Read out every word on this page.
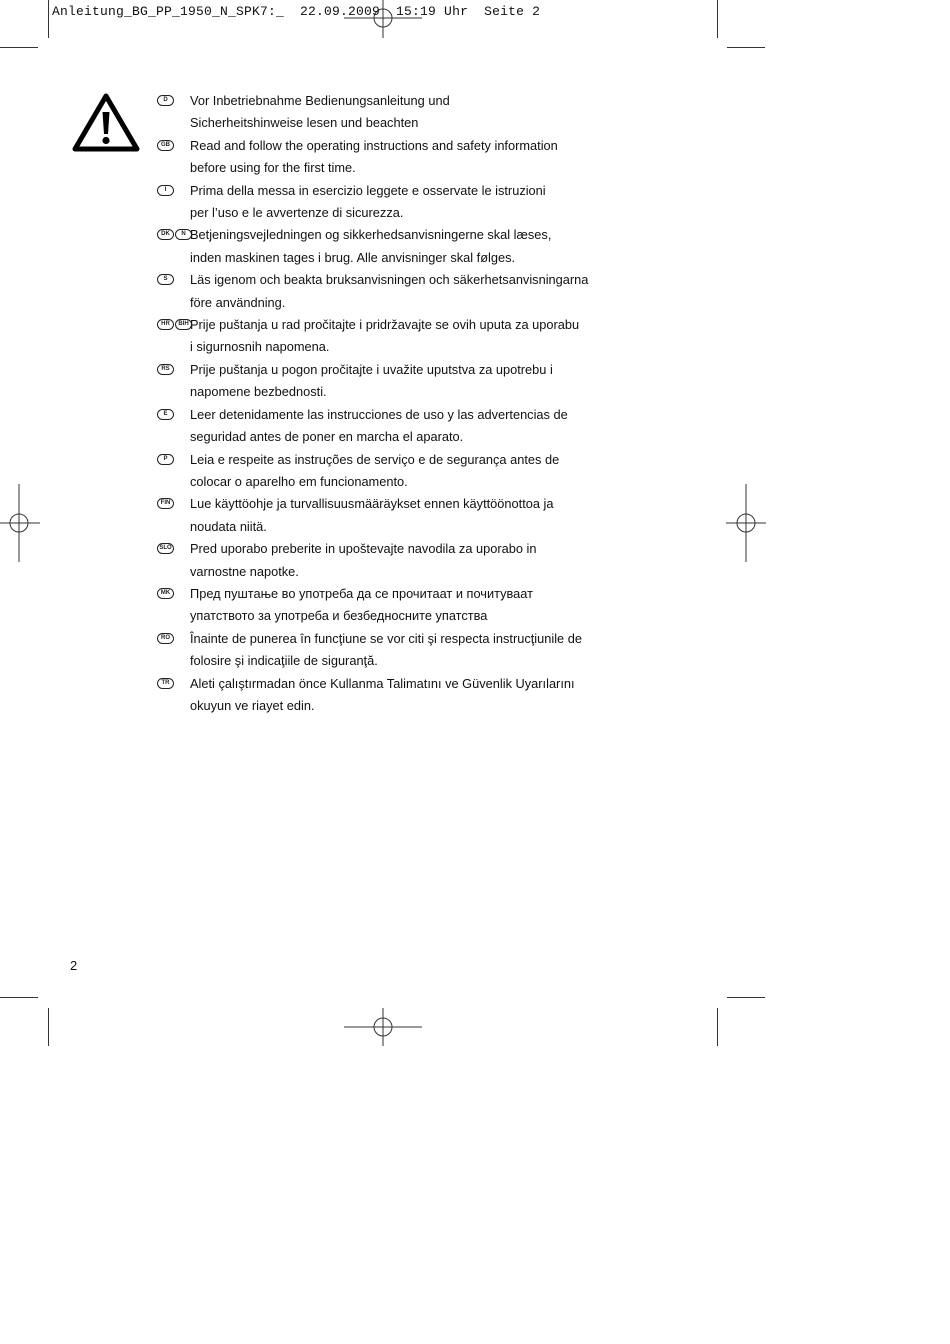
Anleitung_BG_PP_1950_N_SPK7:_  22.09.2009  15:19 Uhr  Seite 2
D	Vor Inbetriebnahme Bedienungsanleitung und
Sicherheitshinweise lesen und beachten
GB	Read and follow the operating instructions and safety information
before using for the first time.
I	Prima della messa in esercizio leggete e osservate le istruzioni
per l’uso e le avvertenze di sicurezza.
DK	N Betjeningsvejledningen og sikkerhedsanvisningerne skal læses,
inden maskinen tages i brug. Alle anvisninger skal følges.
S	Läs igenom och beakta bruksanvisningen och säkerhetsanvisningarna
före användning.
HR	BIH Prije puštanja u rad pročitajte i pridržavajte se ovih uputa za uporabu
i sigurnosnih napomena.
RS	Prije puštanja u pogon pročitajte i uvažite uputstva za upotrebu i
napomene bezbednosti.
E	Leer detenidamente las instrucciones de uso y las advertencias de
seguridad antes de poner en marcha el aparato.
P	Leia e respeite as instruções de serviço e de segurança antes de
colocar o aparelho em funcionamento.
FIN Lue käyttöohje ja turvallisuusmääräykset ennen käyttöönottoa ja
noudata niitä.
SLO Pred uporabo preberite in upoštevajte navodila za uporabo in
varnostne napotke.
MK Пред пуштање во употреба да се прочитаат и почитуваат
упатството за употреба и безбедносните упатства
RO	Înainte de punerea în funcţiune se vor citi şi respecta instrucţiunile de
folosire şi indicaţiile de siguranţă.
TR	Aleti çalıştırmadan önce Kullanma Talimatını ve Güvenlik Uyarılarını
okuyun ve riayet edin.
2
